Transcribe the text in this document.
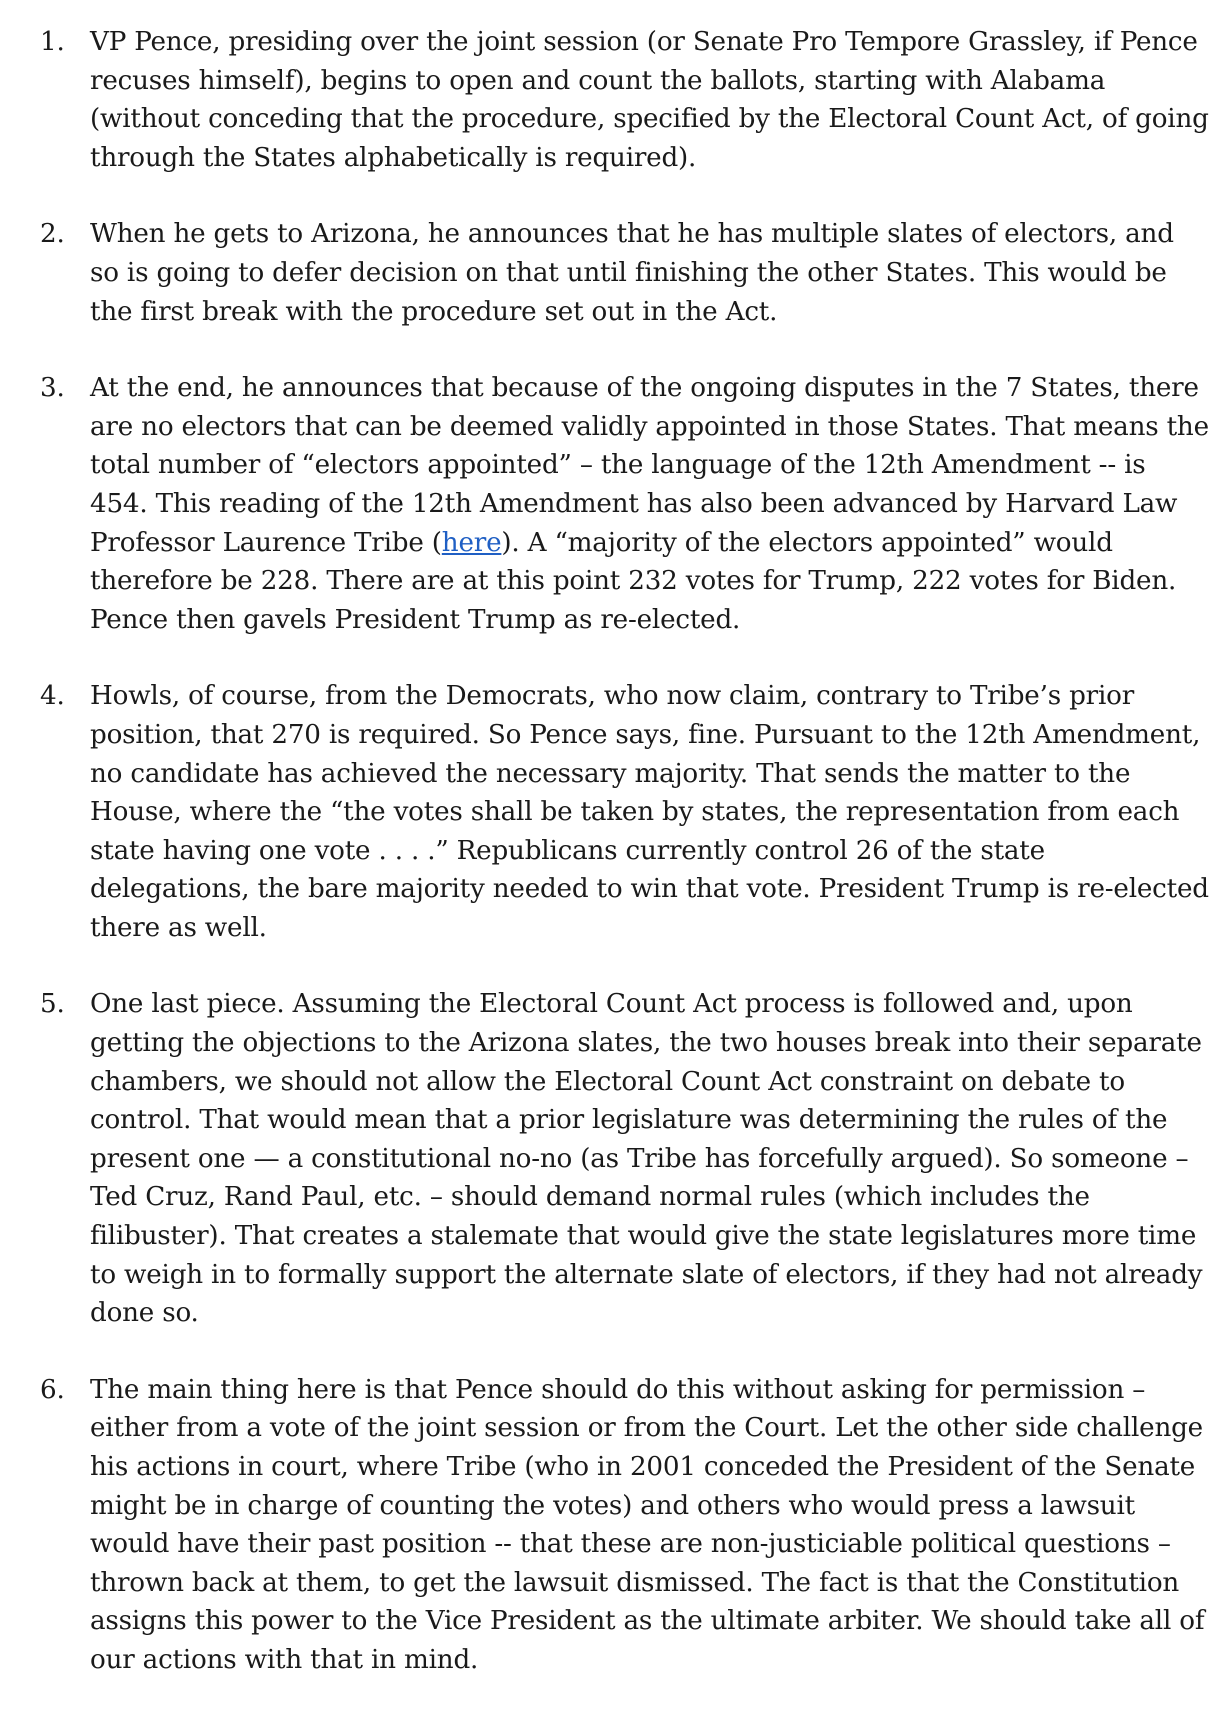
1. VP Pence, presiding over the joint session (or Senate Pro Tempore Grassley, if Pence recuses himself), begins to open and count the ballots, starting with Alabama (without conceding that the procedure, specified by the Electoral Count Act, of going through the States alphabetically is required).
2. When he gets to Arizona, he announces that he has multiple slates of electors, and so is going to defer decision on that until finishing the other States. This would be the first break with the procedure set out in the Act.
3. At the end, he announces that because of the ongoing disputes in the 7 States, there are no electors that can be deemed validly appointed in those States. That means the total number of “electors appointed” – the language of the 12th Amendment -- is 454. This reading of the 12th Amendment has also been advanced by Harvard Law Professor Laurence Tribe (here). A “majority of the electors appointed” would therefore be 228. There are at this point 232 votes for Trump, 222 votes for Biden. Pence then gavels President Trump as re-elected.
4. Howls, of course, from the Democrats, who now claim, contrary to Tribe’s prior position, that 270 is required. So Pence says, fine. Pursuant to the 12th Amendment, no candidate has achieved the necessary majority. That sends the matter to the House, where the “the votes shall be taken by states, the representation from each state having one vote . . . .” Republicans currently control 26 of the state delegations, the bare majority needed to win that vote. President Trump is re-elected there as well.
5. One last piece. Assuming the Electoral Count Act process is followed and, upon getting the objections to the Arizona slates, the two houses break into their separate chambers, we should not allow the Electoral Count Act constraint on debate to control. That would mean that a prior legislature was determining the rules of the present one — a constitutional no-no (as Tribe has forcefully argued). So someone – Ted Cruz, Rand Paul, etc. – should demand normal rules (which includes the filibuster). That creates a stalemate that would give the state legislatures more time to weigh in to formally support the alternate slate of electors, if they had not already done so.
6. The main thing here is that Pence should do this without asking for permission – either from a vote of the joint session or from the Court. Let the other side challenge his actions in court, where Tribe (who in 2001 conceded the President of the Senate might be in charge of counting the votes) and others who would press a lawsuit would have their past position -- that these are non-justiciable political questions – thrown back at them, to get the lawsuit dismissed. The fact is that the Constitution assigns this power to the Vice President as the ultimate arbiter. We should take all of our actions with that in mind.
